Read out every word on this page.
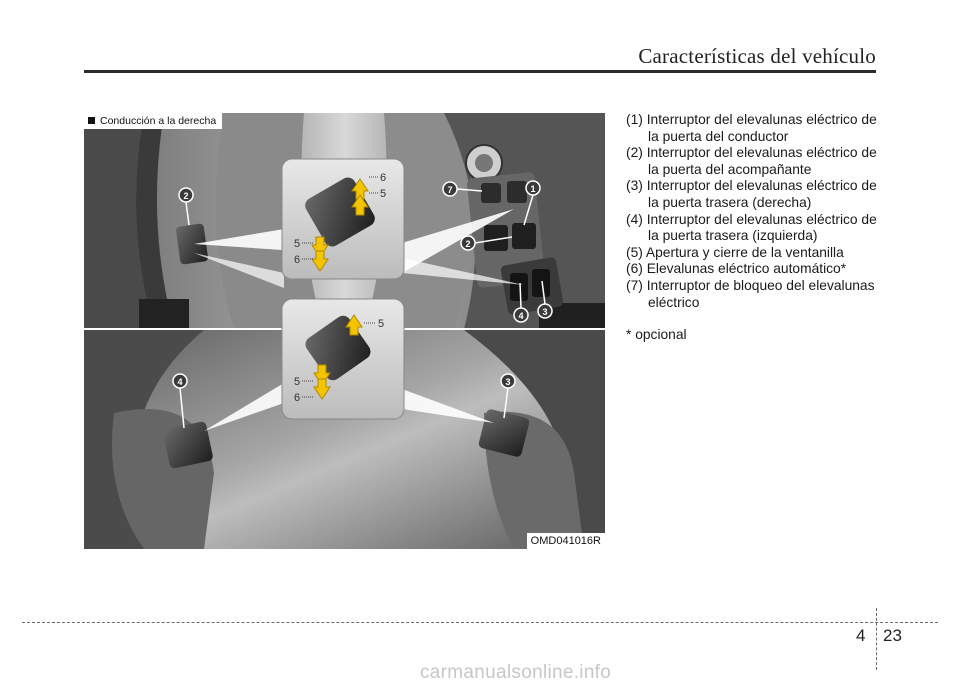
Características del vehículo
6
5
5
6
5
5
6
1
7
2
2
4 3
4	3
Conducción a la derecha
OMD041016R

(1) Interruptor del elevalunas eléctrico de la puerta del conductor

(2) Interruptor del elevalunas eléctrico de la puerta del acompañante

(3) Interruptor del elevalunas eléctrico de la puerta trasera (derecha)

(4) Interruptor del elevalunas eléctrico de la puerta trasera (izquierda)

(5) Apertura y cierre de la ventanilla

(6) Elevalunas eléctrico automático*

(7) Interruptor de bloqueo del elevalunas eléctrico

* opcional

4 23
carmanualsonline.info
